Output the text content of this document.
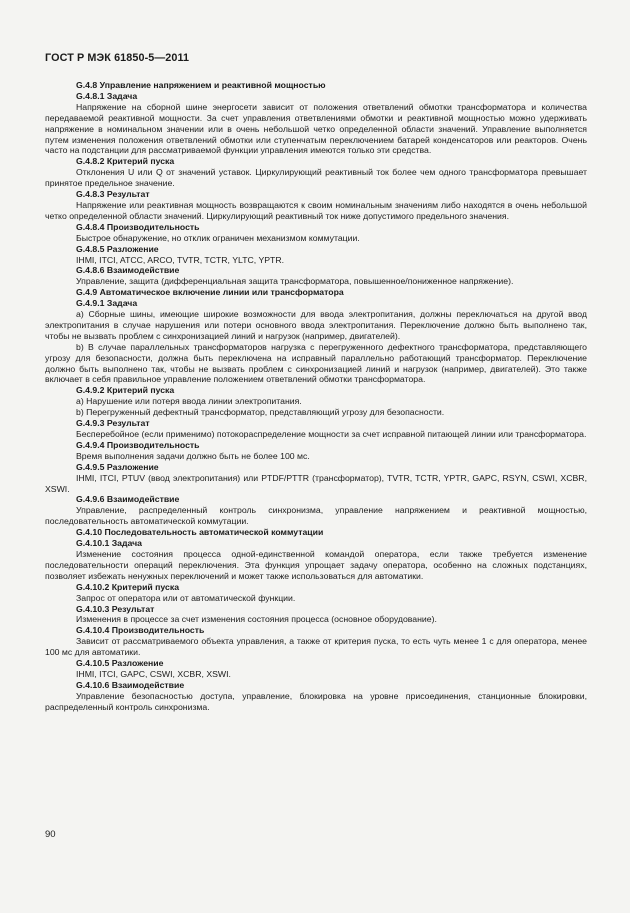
ГОСТ Р МЭК 61850-5—2011

G.4.8 Управление напряжением и реактивной мощностью

G.4.8.1 Задача

Напряжение на сборной шине энергосети зависит от положения ответвлений обмотки трансформатора и количества передаваемой реактивной мощности. За счет управления ответвлениями обмотки и реактивной мощностью можно удерживать напряжение в номинальном значении или в очень небольшой четко определенной области значений. Управление выполняется путем изменения положения ответвлений обмотки или ступенчатым переключением батарей конденсаторов или реакторов. Очень часто на подстанции для рассматриваемой функции управления имеются только эти средства.

G.4.8.2 Критерий пуска

Отклонения U или Q от значений уставок. Циркулирующий реактивный ток более чем одного трансформатора превышает принятое предельное значение.

G.4.8.3 Результат

Напряжение или реактивная мощность возвращаются к своим номинальным значениям либо находятся в очень небольшой четко определенной области значений. Циркулирующий реактивный ток ниже допустимого предельного значения.

G.4.8.4 Производительность

Быстрое обнаружение, но отклик ограничен механизмом коммутации.

G.4.8.5 Разложение

IHMI, ITCI, ATCC, ARCO, TVTR, TCTR, YLTC, YPTR.

G.4.8.6 Взаимодействие

Управление, защита (дифференциальная защита трансформатора, повышенное/пониженное напряжение).

G.4.9 Автоматическое включение линии или трансформатора

G.4.9.1 Задача

a) Сборные шины, имеющие широкие возможности для ввода электропитания, должны переключаться на другой ввод электропитания в случае нарушения или потери основного ввода электропитания. Переключение должно быть выполнено так, чтобы не вызвать проблем с синхронизацией линий и нагрузок (например, двигателей).

b) В случае параллельных трансформаторов нагрузка с перегруженного дефектного трансформатора, представляющего угрозу для безопасности, должна быть переключена на исправный параллельно работающий трансформатор. Переключение должно быть выполнено так, чтобы не вызвать проблем с синхронизацией линий и нагрузок (например, двигателей). Это также включает в себя правильное управление положением ответвлений обмотки трансформатора.

G.4.9.2 Критерий пуска

a) Нарушение или потеря ввода линии электропитания.

b) Перегруженный дефектный трансформатор, представляющий угрозу для безопасности.

G.4.9.3 Результат

Бесперебойное (если применимо) потокораспределение мощности за счет исправной питающей линии или трансформатора.

G.4.9.4 Производительность

Время выполнения задачи должно быть не более 100 мс.

G.4.9.5 Разложение

IHMI, ITCI, PTUV (ввод электропитания) или PTDF/PTTR (трансформатор), TVTR, TCTR, YPTR, GAPC, RSYN, CSWI, XCBR, XSWI.

G.4.9.6 Взаимодействие

Управление, распределенный контроль синхронизма, управление напряжением и реактивной мощностью, последовательность автоматической коммутации.

G.4.10 Последовательность автоматической коммутации

G.4.10.1 Задача

Изменение состояния процесса одной-единственной командой оператора, если также требуется изменение последовательности операций переключения. Эта функция упрощает задачу оператора, особенно на сложных подстанциях, позволяет избежать ненужных переключений и может также использоваться для автоматики.

G.4.10.2 Критерий пуска

Запрос от оператора или от автоматической функции.

G.4.10.3 Результат

Изменения в процессе за счет изменения состояния процесса (основное оборудование).

G.4.10.4 Производительность

Зависит от рассматриваемого объекта управления, а также от критерия пуска, то есть чуть менее 1 с для оператора, менее 100 мс для автоматики.

G.4.10.5 Разложение

IHMI, ITCI, GAPC, CSWI, XCBR, XSWI.

G.4.10.6 Взаимодействие

Управление безопасностью доступа, управление, блокировка на уровне присоединения, станционные блокировки, распределенный контроль синхронизма.

90
